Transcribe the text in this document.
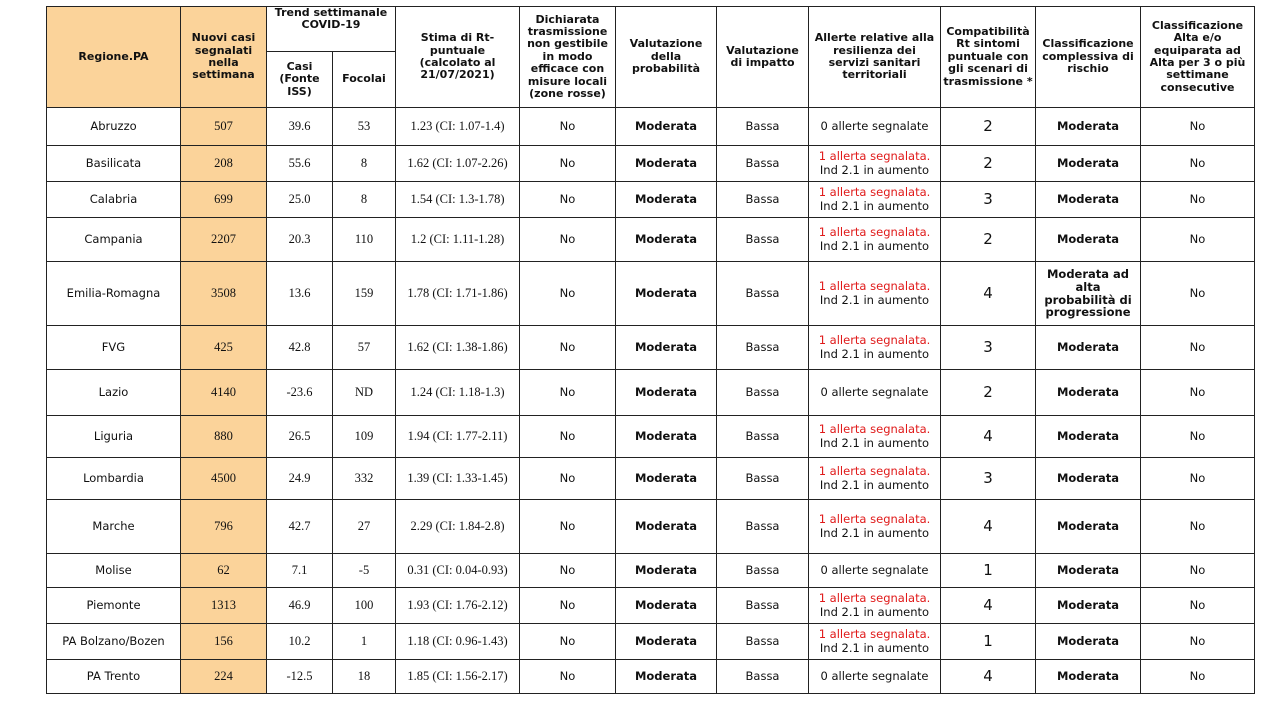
Regione.PA	Nuovi casi segnalati nella settimana	Trend settimanale COVID-19		Stima di Rt-puntuale (calcolato al 21/07/2021)	Dichiarata trasmissione non gestibile in modo efficace con misure locali (zone rosse)	Valutazione della probabilità	Valutazione di impatto	Allerte relative alla resilienza dei servizi sanitari territoriali	Compatibilità Rt sintomi puntuale con gli scenari di trasmissione *	Classificazione complessiva di rischio	Classificazione Alta e/o equiparata ad Alta per 3 o più settimane consecutive
		Casi (Fonte ISS)	Focolai								
Abruzzo	507	39.6	53	1.23 (CI: 1.07-1.4)	No	Moderata	Bassa	0 allerte segnalate	2	Moderata	No
Basilicata	208	55.6	8	1.62 (CI: 1.07-2.26)	No	Moderata	Bassa	1 allerta segnalata.
Ind 2.1 in aumento	2	Moderata	No
Calabria	699	25.0	8	1.54 (CI: 1.3-1.78)	No	Moderata	Bassa	1 allerta segnalata.
Ind 2.1 in aumento	3	Moderata	No
Campania	2207	20.3	110	1.2 (CI: 1.11-1.28)	No	Moderata	Bassa	1 allerta segnalata.
Ind 2.1 in aumento	2	Moderata	No
Emilia-Romagna	3508	13.6	159	1.78 (CI: 1.71-1.86)	No	Moderata	Bassa	1 allerta segnalata.
Ind 2.1 in aumento	4	Moderata ad alta probabilità di progressione	No
FVG	425	42.8	57	1.62 (CI: 1.38-1.86)	No	Moderata	Bassa	1 allerta segnalata.
Ind 2.1 in aumento	3	Moderata	No
Lazio	4140	-23.6	ND	1.24 (CI: 1.18-1.3)	No	Moderata	Bassa	0 allerte segnalate	2	Moderata	No
Liguria	880	26.5	109	1.94 (CI: 1.77-2.11)	No	Moderata	Bassa	1 allerta segnalata.
Ind 2.1 in aumento	4	Moderata	No
Lombardia	4500	24.9	332	1.39 (CI: 1.33-1.45)	No	Moderata	Bassa	1 allerta segnalata.
Ind 2.1 in aumento	3	Moderata	No
Marche	796	42.7	27	2.29 (CI: 1.84-2.8)	No	Moderata	Bassa	1 allerta segnalata.
Ind 2.1 in aumento	4	Moderata	No
Molise	62	7.1	-5	0.31 (CI: 0.04-0.93)	No	Moderata	Bassa	0 allerte segnalate	1	Moderata	No
Piemonte	1313	46.9	100	1.93 (CI: 1.76-2.12)	No	Moderata	Bassa	1 allerta segnalata.
Ind 2.1 in aumento	4	Moderata	No
PA Bolzano/Bozen	156	10.2	1	1.18 (CI: 0.96-1.43)	No	Moderata	Bassa	1 allerta segnalata.
Ind 2.1 in aumento	1	Moderata	No
PA Trento	224	-12.5	18	1.85 (CI: 1.56-2.17)	No	Moderata	Bassa	0 allerte segnalate	4	Moderata	No
